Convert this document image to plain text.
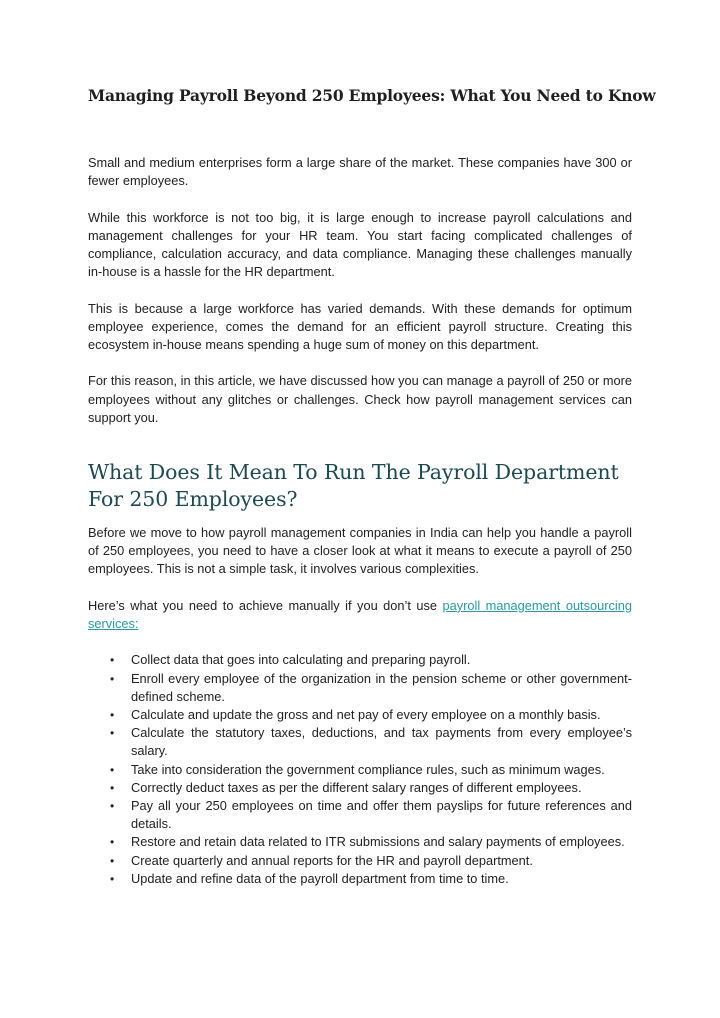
Managing Payroll Beyond 250 Employees: What You Need to Know

Small and medium enterprises form a large share of the market. These companies have 300 or fewer employees.

While this workforce is not too big, it is large enough to increase payroll calculations and management challenges for your HR team. You start facing complicated challenges of compliance, calculation accuracy, and data compliance. Managing these challenges manually in-house is a hassle for the HR department.

This is because a large workforce has varied demands. With these demands for optimum employee experience, comes the demand for an efficient payroll structure. Creating this ecosystem in-house means spending a huge sum of money on this department.

For this reason, in this article, we have discussed how you can manage a payroll of 250 or more employees without any glitches or challenges. Check how payroll management services can support you.

What Does It Mean To Run The Payroll Department For 250 Employees?

Before we move to how payroll management companies in India can help you handle a payroll of 250 employees, you need to have a closer look at what it means to execute a payroll of 250 employees. This is not a simple task, it involves various complexities.

Here’s what you need to achieve manually if you don’t use payroll management outsourcing services:

• Collect data that goes into calculating and preparing payroll.
• Enroll every employee of the organization in the pension scheme or other government-defined scheme.
• Calculate and update the gross and net pay of every employee on a monthly basis.
• Calculate the statutory taxes, deductions, and tax payments from every employee’s salary.
• Take into consideration the government compliance rules, such as minimum wages.
• Correctly deduct taxes as per the different salary ranges of different employees.
• Pay all your 250 employees on time and offer them payslips for future references and details.
• Restore and retain data related to ITR submissions and salary payments of employees.
• Create quarterly and annual reports for the HR and payroll department.
• Update and refine data of the payroll department from time to time.
